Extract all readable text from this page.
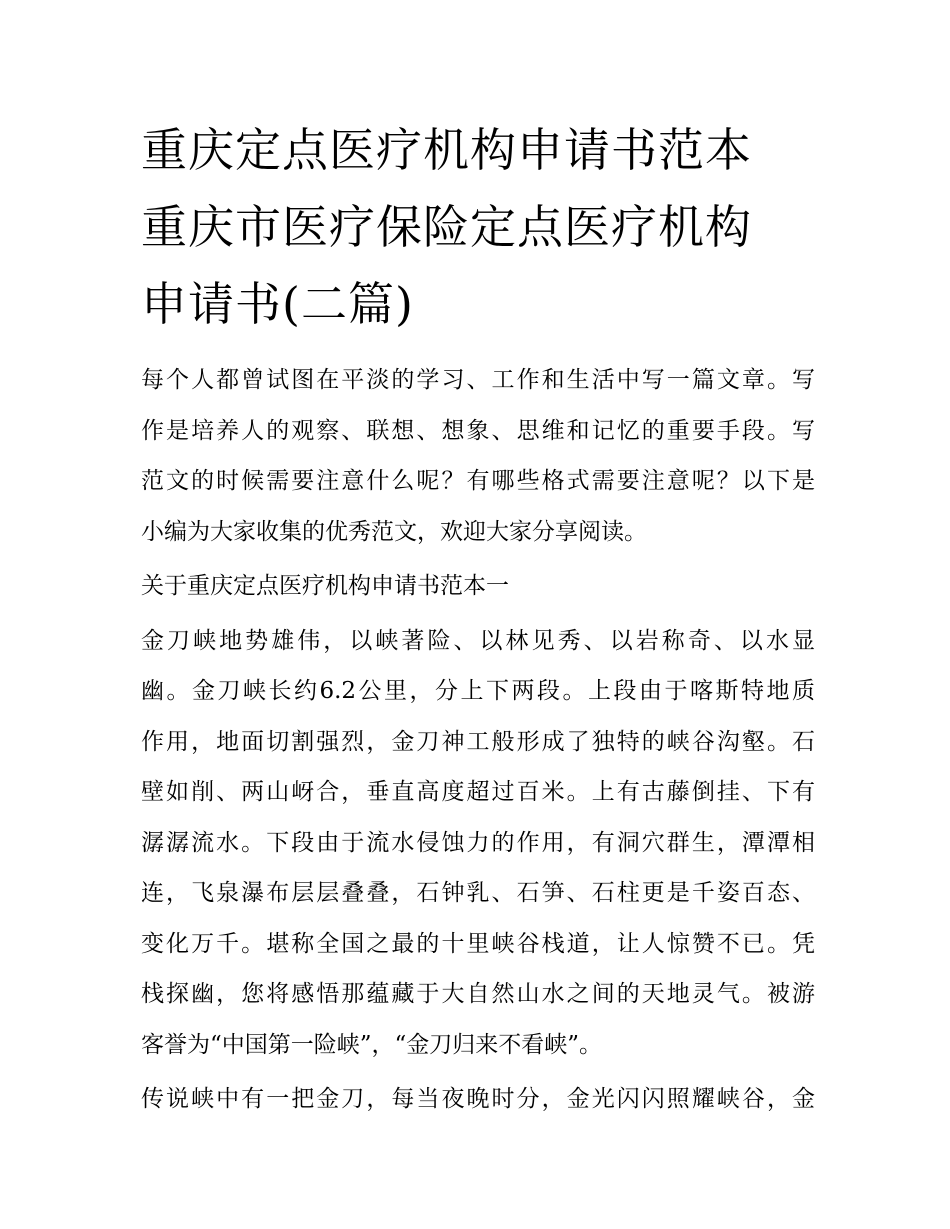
重庆定点医疗机构申请书范本
重庆市医疗保险定点医疗机构
申请书(二篇)

每个人都曾试图在平淡的学习、工作和生活中写一篇文章。写
作是培养人的观察、联想、想象、思维和记忆的重要手段。写
范文的时候需要注意什么呢？有哪些格式需要注意呢？以下是
小编为大家收集的优秀范文，欢迎大家分享阅读。

关于重庆定点医疗机构申请书范本一

金刀峡地势雄伟，以峡著险、以林见秀、以岩称奇、以水显
幽。金刀峡长约6.2公里，分上下两段。上段由于喀斯特地质
作用，地面切割强烈，金刀神工般形成了独特的峡谷沟壑。石
壁如削、两山岈合，垂直高度超过百米。上有古藤倒挂、下有
潺潺流水。下段由于流水侵蚀力的作用，有洞穴群生，潭潭相
连，飞泉瀑布层层叠叠，石钟乳、石笋、石柱更是千姿百态、
变化万千。堪称全国之最的十里峡谷栈道，让人惊赞不已。凭
栈探幽，您将感悟那蕴藏于大自然山水之间的天地灵气。被游
客誉为“中国第一险峡”，“金刀归来不看峡”。

传说峡中有一把金刀，每当夜晚时分，金光闪闪照耀峡谷，金
